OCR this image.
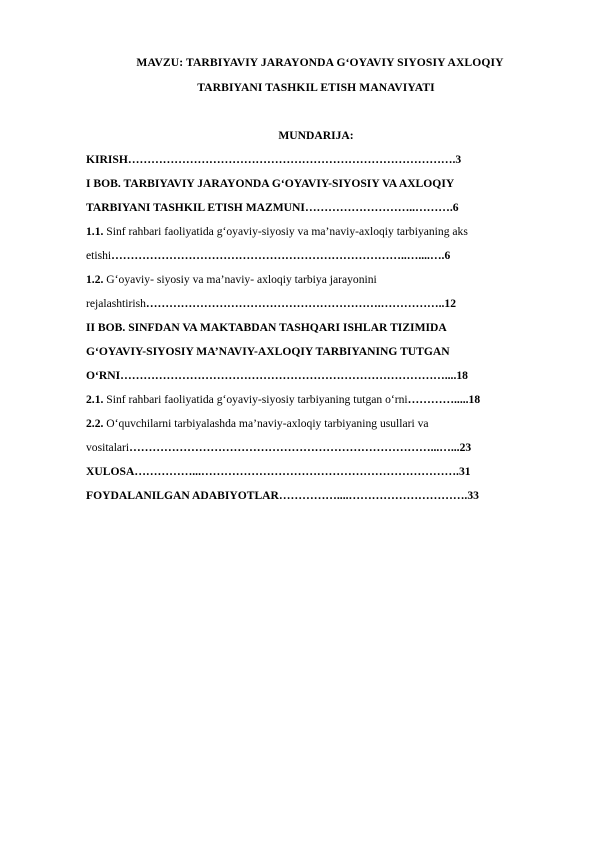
MAVZU: TARBIYAVIY JARAYONDA G‘OYAVIY SIYOSIY AXLOQIY
TARBIYANI TASHKIL ETISH MANAVIYATI
MUNDARIJA:
KIRISH………………………………………………………………………….3
I BOB. TARBIYAVIY JARAYONDA G‘OYAVIY-SIYOSIY VA AXLOQIY
TARBIYANI TASHKIL ETISH MAZMUNI………………………..……….6
1.1. Sinf rahbari faoliyatida g‘oyaviy-siyosiy va ma’naviy-axloqiy tarbiyaning aks
etishi…………………………………………………………………..…....….6
1.2. G‘oyaviy- siyosiy va ma’naviy- axloqiy tarbiya jarayonini
rejalashtirish…………………………………………………….……………..12
II BOB. SINFDAN VA MAKTABDAN TASHQARI ISHLAR TIZIMIDA
G‘OYAVIY-SIYOSIY MA’NAVIY-AXLOQIY TARBIYANING TUTGAN
O‘RNI…………………………………………………………………………....18
2.1. Sinf rahbari faoliyatida g‘oyaviy-siyosiy tarbiyaning tutgan o‘rni………….....18
2.2. O‘quvchilarni tarbiyalashda ma’naviy-axloqiy tarbiyaning usullari va
vositalari……………………………………………………………………...…...23
XULOSA……………...………………………………………………………….31
FOYDALANILGAN ADABIYOTLAR……………....………………………….33
